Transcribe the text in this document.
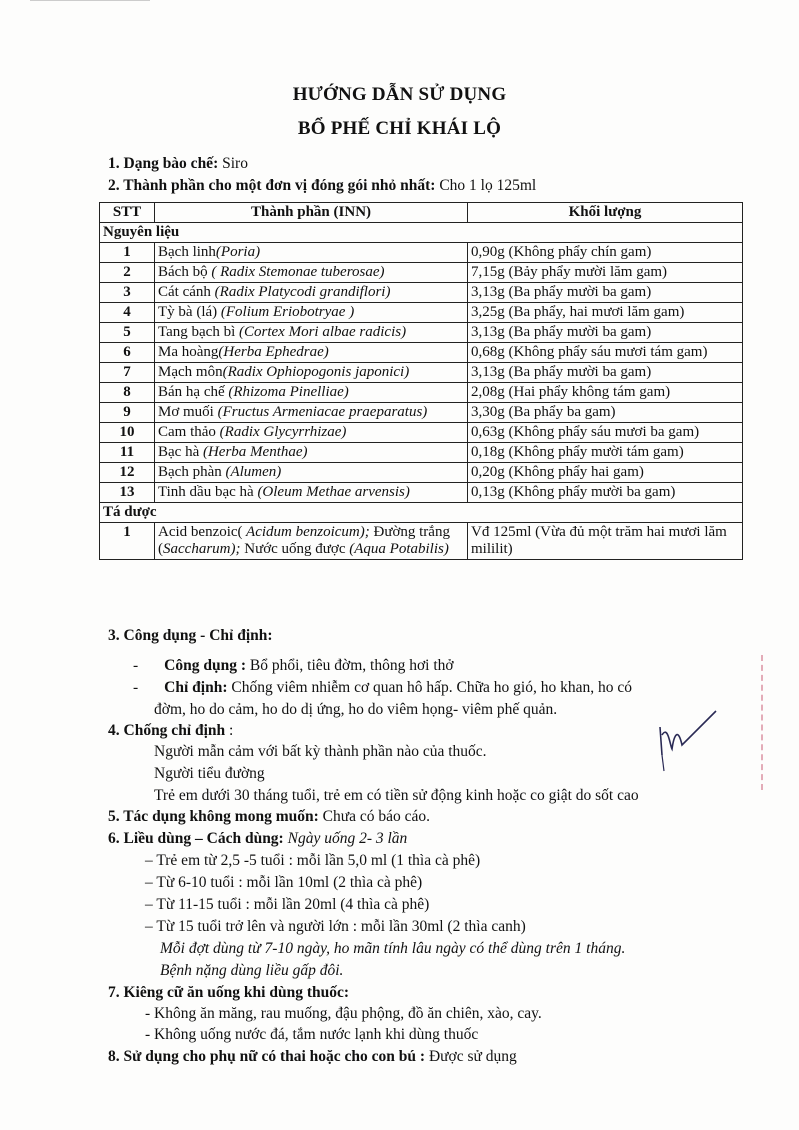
HƯỚNG DẪN SỬ DỤNG
BỔ PHẾ CHỈ KHÁI LỘ
1. Dạng bào chế: Siro
2. Thành phần cho một đơn vị đóng gói nhỏ nhất: Cho 1 lọ 125ml
STT	Thành phần (INN)	Khối lượng
Nguyên liệu		
1	Bạch linh(Poria)	0,90g (Không phẩy chín gam)
2	Bách bộ ( Radix Stemonae tuberosae)	7,15g (Bảy phẩy mười lăm gam)
3	Cát cánh (Radix Platycodi grandiflori)	3,13g (Ba phẩy mười ba gam)
4	Tỳ bà (lá) (Folium Eriobotryae )	3,25g (Ba phẩy, hai mươi lăm gam)
5	Tang bạch bì (Cortex Mori albae radicis)	3,13g (Ba phẩy mười ba gam)
6	Ma hoàng(Herba Ephedrae)	0,68g (Không phẩy sáu mươi tám gam)
7	Mạch môn(Radix Ophiopogonis japonici)	3,13g (Ba phẩy mười ba gam)
8	Bán hạ chế (Rhizoma Pinelliae)	2,08g (Hai phẩy không tám gam)
9	Mơ muối (Fructus Armeniacae praeparatus)	3,30g (Ba phẩy ba gam)
10	Cam thảo (Radix Glycyrrhizae)	0,63g (Không phẩy sáu mươi ba gam)
11	Bạc hà (Herba Menthae)	0,18g (Không phẩy mười tám gam)
12	Bạch phàn (Alumen)	0,20g (Không phẩy hai gam)
13	Tinh dầu bạc hà (Oleum Methae arvensis)	0,13g (Không phẩy mười ba gam)
Tá dược		
1	Acid benzoic( Acidum benzoicum); Đường trắng (Saccharum); Nước uống được (Aqua Potabilis)	Vđ 125ml (Vừa đủ một trăm hai mươi lăm mililit)
3. Công dụng - Chỉ định:
- Công dụng : Bổ phổi, tiêu đờm, thông hơi thở
- Chỉ định: Chống viêm nhiễm cơ quan hô hấp. Chữa ho gió, ho khan, ho có
đờm, ho do cảm, ho do dị ứng, ho do viêm họng- viêm phế quản.
4. Chống chỉ định :
Người mẫn cảm với bất kỳ thành phần nào của thuốc.
Người tiểu đường
Trẻ em dưới 30 tháng tuổi, trẻ em có tiền sử động kinh hoặc co giật do sốt cao
5. Tác dụng không mong muốn: Chưa có báo cáo.
6. Liều dùng – Cách dùng: Ngày uống 2- 3 lần
– Trẻ em từ 2,5 -5 tuổi : mỗi lần 5,0 ml (1 thìa cà phê)
– Từ 6-10 tuổi : mỗi lần 10ml (2 thìa cà phê)
– Từ 11-15 tuổi : mỗi lần 20ml (4 thìa cà phê)
– Từ 15 tuổi trở lên và người lớn : mỗi lần 30ml (2 thìa canh)
Mỗi đợt dùng từ 7-10 ngày, ho mãn tính lâu ngày có thể dùng trên 1 tháng.
Bệnh nặng dùng liều gấp đôi.
7. Kiêng cữ ăn uống khi dùng thuốc:
- Không ăn măng, rau muống, đậu phộng, đồ ăn chiên, xào, cay.
- Không uống nước đá, tắm nước lạnh khi dùng thuốc
8. Sử dụng cho phụ nữ có thai hoặc cho con bú : Được sử dụng
